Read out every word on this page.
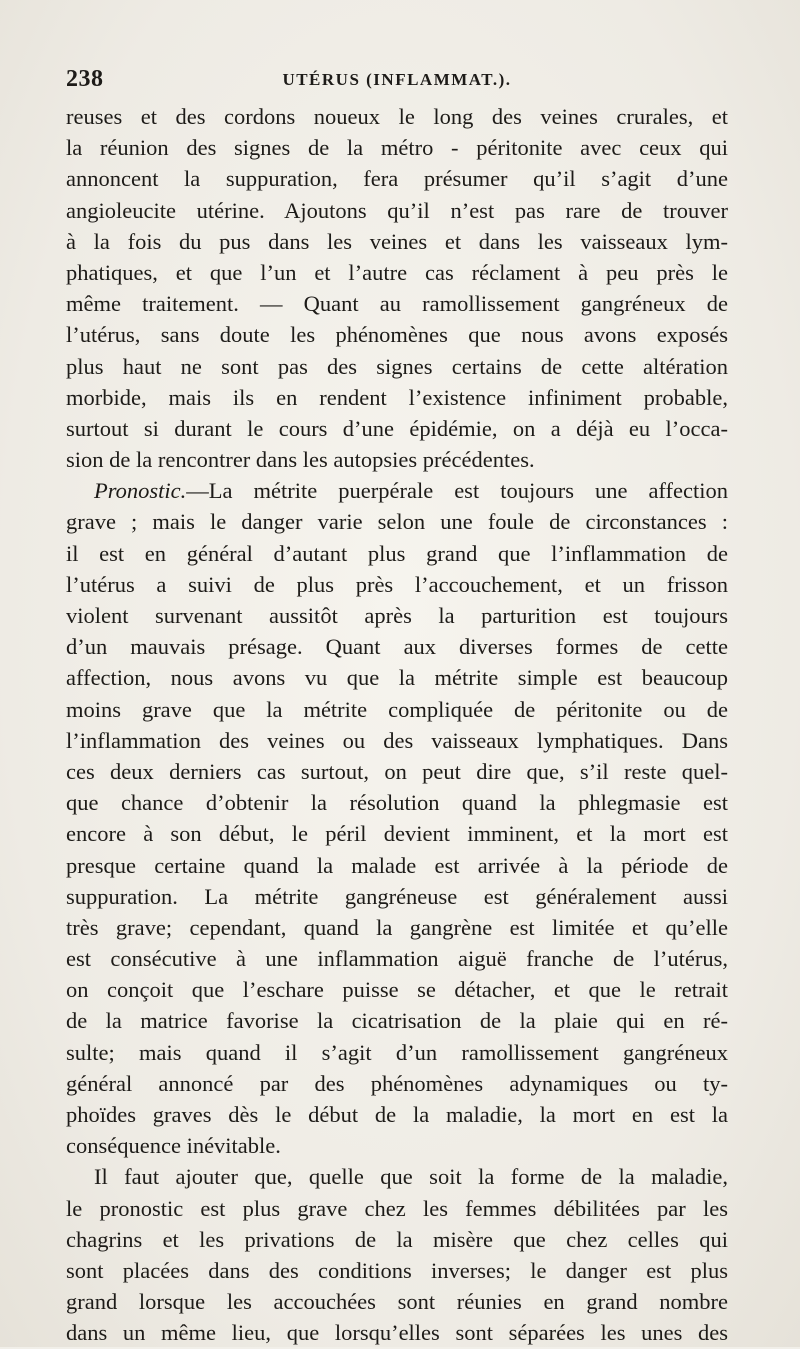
238	UTÉRUS (INFLAMMAT.).
reuses et des cordons noueux le long des veines crurales, et
la réunion des signes de la métro - péritonite avec ceux qui
annoncent la suppuration, fera présumer qu’il s’agit d’une
angioleucite utérine. Ajoutons qu’il n’est pas rare de trouver
à la fois du pus dans les veines et dans les vaisseaux lym-
phatiques, et que l’un et l’autre cas réclament à peu près le
même traitement. — Quant au ramollissement gangréneux de
l’utérus, sans doute les phénomènes que nous avons exposés
plus haut ne sont pas des signes certains de cette altération
morbide, mais ils en rendent l’existence infiniment probable,
surtout si durant le cours d’une épidémie, on a déjà eu l’occa-
sion de la rencontrer dans les autopsies précédentes.
Pronostic.—La métrite puerpérale est toujours une affection
grave ; mais le danger varie selon une foule de circonstances :
il est en général d’autant plus grand que l’inflammation de
l’utérus a suivi de plus près l’accouchement, et un frisson
violent survenant aussitôt après la parturition est toujours
d’un mauvais présage. Quant aux diverses formes de cette
affection, nous avons vu que la métrite simple est beaucoup
moins grave que la métrite compliquée de péritonite ou de
l’inflammation des veines ou des vaisseaux lymphatiques. Dans
ces deux derniers cas surtout, on peut dire que, s’il reste quel-
que chance d’obtenir la résolution quand la phlegmasie est
encore à son début, le péril devient imminent, et la mort est
presque certaine quand la malade est arrivée à la période de
suppuration. La métrite gangréneuse est généralement aussi
très grave; cependant, quand la gangrène est limitée et qu’elle
est consécutive à une inflammation aiguë franche de l’utérus,
on conçoit que l’eschare puisse se détacher, et que le retrait
de la matrice favorise la cicatrisation de la plaie qui en ré-
sulte; mais quand il s’agit d’un ramollissement gangréneux
général annoncé par des phénomènes adynamiques ou ty-
phoïdes graves dès le début de la maladie, la mort en est la
conséquence inévitable.
Il faut ajouter que, quelle que soit la forme de la maladie,
le pronostic est plus grave chez les femmes débilitées par les
chagrins et les privations de la misère que chez celles qui
sont placées dans des conditions inverses; le danger est plus
grand lorsque les accouchées sont réunies en grand nombre
dans un même lieu, que lorsqu’elles sont séparées les unes des
